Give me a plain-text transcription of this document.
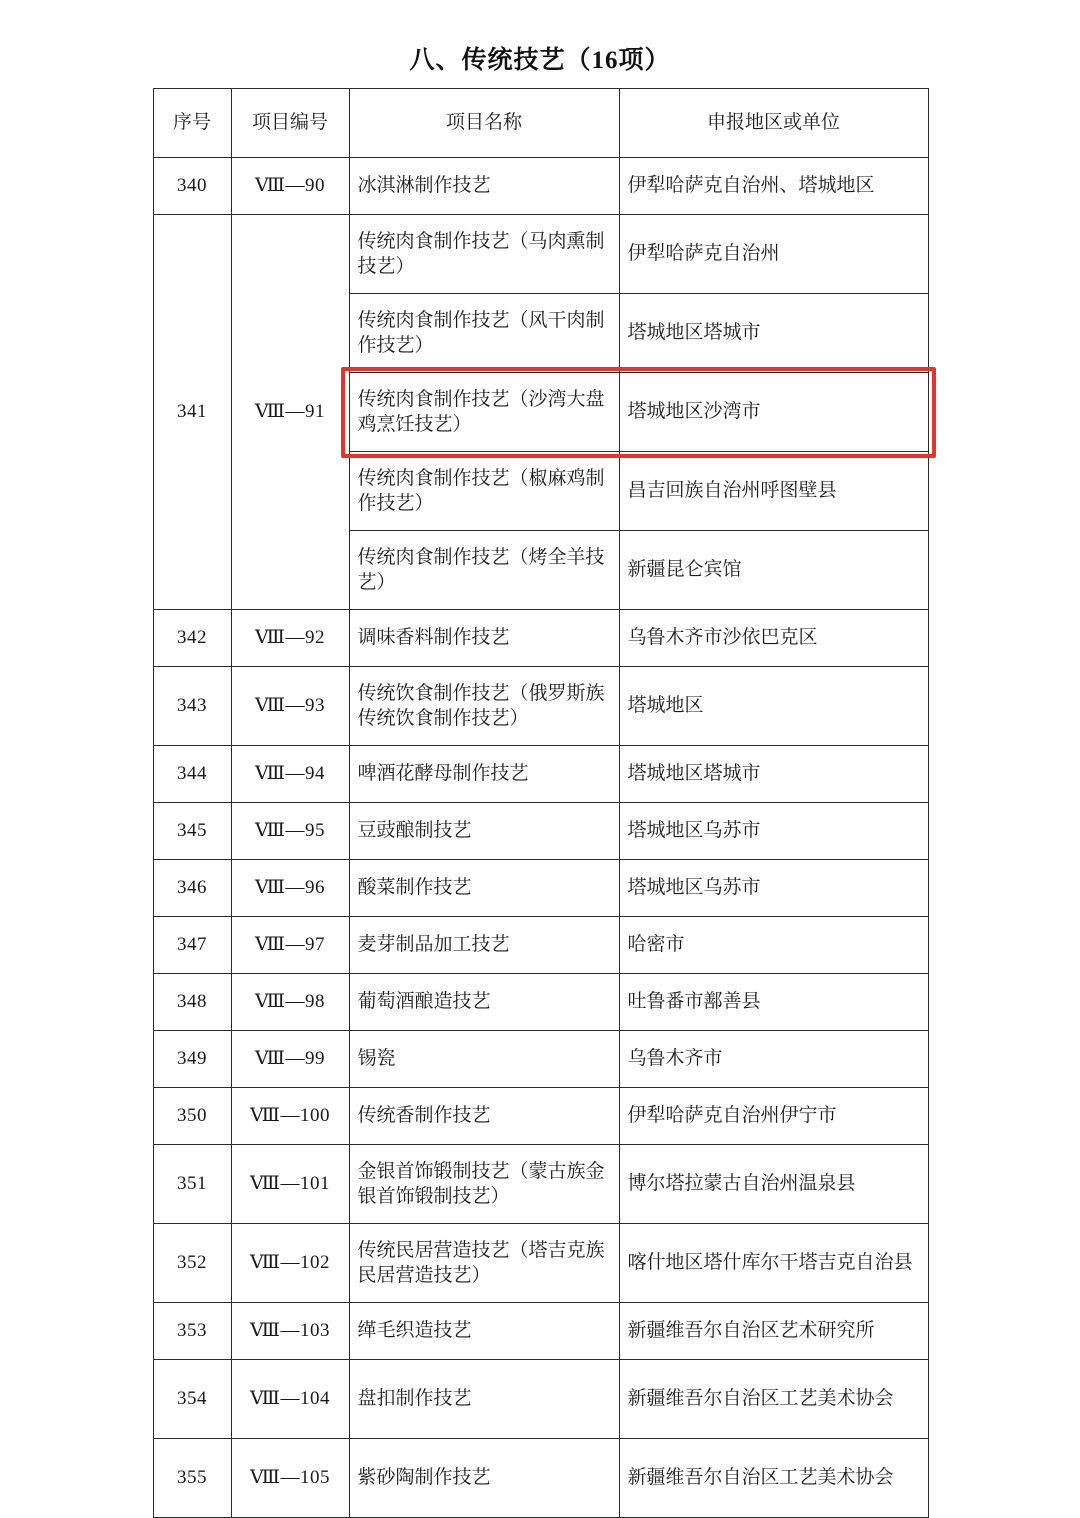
八、传统技艺（16项）
序号	项目编号	项目名称	申报地区或单位
340	Ⅷ—90	冰淇淋制作技艺	伊犁哈萨克自治州、塔城地区
341	Ⅷ—91	传统肉食制作技艺（马肉熏制技艺）	伊犁哈萨克自治州
		传统肉食制作技艺（风干肉制作技艺）	塔城地区塔城市
		传统肉食制作技艺（沙湾大盘鸡烹饪技艺）	塔城地区沙湾市
		传统肉食制作技艺（椒麻鸡制作技艺）	昌吉回族自治州呼图壁县
		传统肉食制作技艺（烤全羊技艺）	新疆昆仑宾馆
342	Ⅷ—92	调味香料制作技艺	乌鲁木齐市沙依巴克区
343	Ⅷ—93	传统饮食制作技艺（俄罗斯族传统饮食制作技艺）	塔城地区
344	Ⅷ—94	啤酒花酵母制作技艺	塔城地区塔城市
345	Ⅷ—95	豆豉酿制技艺	塔城地区乌苏市
346	Ⅷ—96	酸菜制作技艺	塔城地区乌苏市
347	Ⅷ—97	麦芽制品加工技艺	哈密市
348	Ⅷ—98	葡萄酒酿造技艺	吐鲁番市鄯善县
349	Ⅷ—99	锡瓷	乌鲁木齐市
350	Ⅷ—100	传统香制作技艺	伊犁哈萨克自治州伊宁市
351	Ⅷ—101	金银首饰锻制技艺（蒙古族金银首饰锻制技艺）	博尔塔拉蒙古自治州温泉县
352	Ⅷ—102	传统民居营造技艺（塔吉克族民居营造技艺）	喀什地区塔什库尔干塔吉克自治县
353	Ⅷ—103	缂毛织造技艺	新疆维吾尔自治区艺术研究所
354	Ⅷ—104	盘扣制作技艺	新疆维吾尔自治区工艺美术协会
355	Ⅷ—105	紫砂陶制作技艺	新疆维吾尔自治区工艺美术协会
